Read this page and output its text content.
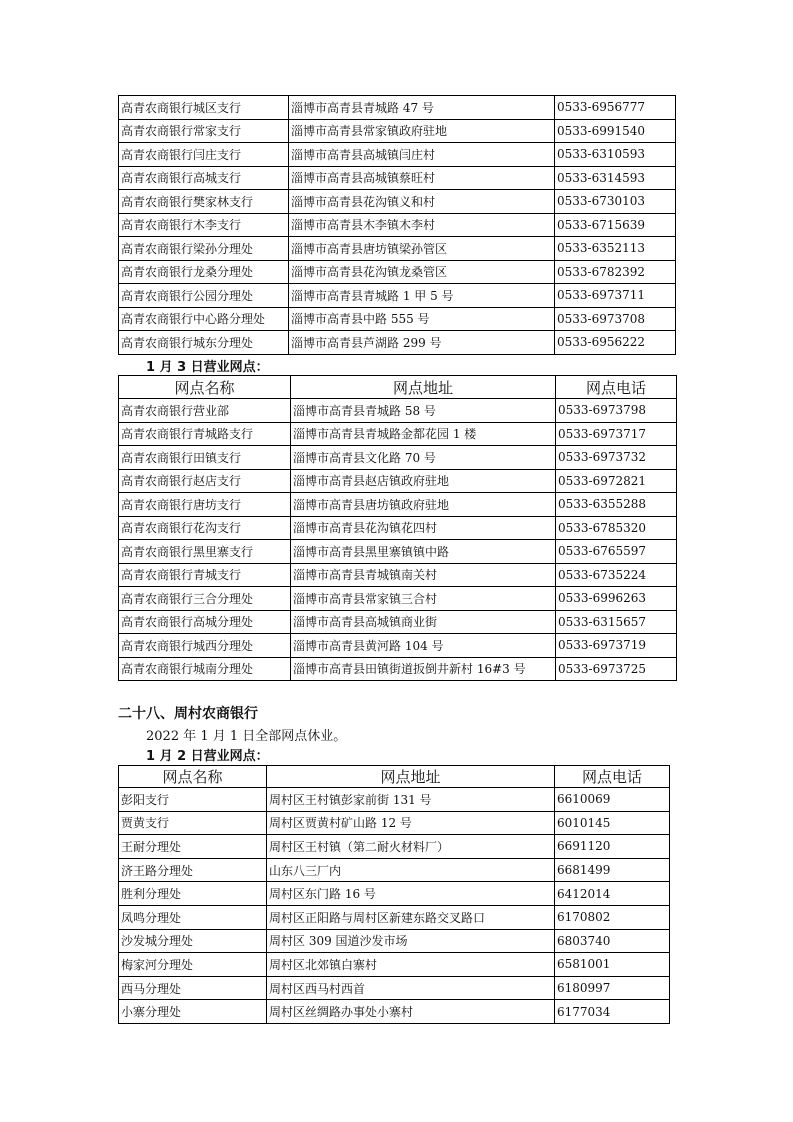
高青农商银行城区支行	淄博市高青县青城路 47 号	0533-6956777
高青农商银行常家支行	淄博市高青县常家镇政府驻地	0533-6991540
高青农商银行闫庄支行	淄博市高青县高城镇闫庄村	0533-6310593
高青农商银行高城支行	淄博市高青县高城镇蔡旺村	0533-6314593
高青农商银行樊家林支行	淄博市高青县花沟镇义和村	0533-6730103
高青农商银行木李支行	淄博市高青县木李镇木李村	0533-6715639
高青农商银行梁孙分理处	淄博市高青县唐坊镇梁孙管区	0533-6352113
高青农商银行龙桑分理处	淄博市高青县花沟镇龙桑管区	0533-6782392
高青农商银行公园分理处	淄博市高青县青城路 1 甲 5 号	0533-6973711
高青农商银行中心路分理处	淄博市高青县中路 555 号	0533-6973708
高青农商银行城东分理处	淄博市高青县芦湖路 299 号	0533-6956222
1 月 3 日营业网点：
网点名称	网点地址	网点电话
高青农商银行营业部	淄博市高青县青城路 58 号	0533-6973798
高青农商银行青城路支行	淄博市高青县青城路金都花园 1 楼	0533-6973717
高青农商银行田镇支行	淄博市高青县文化路 70 号	0533-6973732
高青农商银行赵店支行	淄博市高青县赵店镇政府驻地	0533-6972821
高青农商银行唐坊支行	淄博市高青县唐坊镇政府驻地	0533-6355288
高青农商银行花沟支行	淄博市高青县花沟镇花四村	0533-6785320
高青农商银行黑里寨支行	淄博市高青县黑里寨镇镇中路	0533-6765597
高青农商银行青城支行	淄博市高青县青城镇南关村	0533-6735224
高青农商银行三合分理处	淄博市高青县常家镇三合村	0533-6996263
高青农商银行高城分理处	淄博市高青县高城镇商业街	0533-6315657
高青农商银行城西分理处	淄博市高青县黄河路 104 号	0533-6973719
高青农商银行城南分理处	淄博市高青县田镇街道扳倒井新村 16#3 号	0533-6973725
二十八、周村农商银行
2022 年 1 月 1 日全部网点休业。
1 月 2 日营业网点：
网点名称	网点地址	网点电话
彭阳支行	周村区王村镇彭家前街 131 号	6610069
贾黄支行	周村区贾黄村矿山路 12 号	6010145
王耐分理处	周村区王村镇（第二耐火材料厂）	6691120
济王路分理处	山东八三厂内	6681499
胜利分理处	周村区东门路 16 号	6412014
凤鸣分理处	周村区正阳路与周村区新建东路交叉路口	6170802
沙发城分理处	周村区 309 国道沙发市场	6803740
梅家河分理处	周村区北郊镇白寨村	6581001
西马分理处	周村区西马村西首	6180997
小寨分理处	周村区丝绸路办事处小寨村	6177034
